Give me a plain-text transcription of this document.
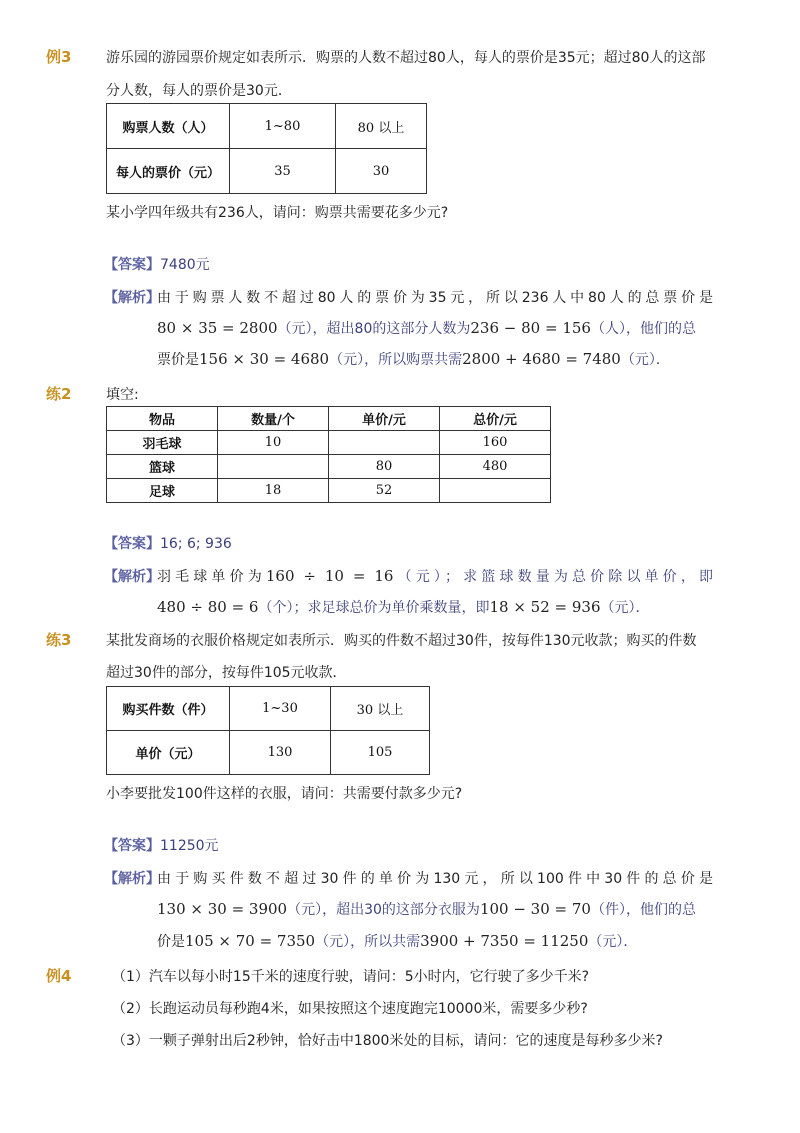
例3 游乐园的游园票价规定如表所示．购票的人数不超过80人，每人的票价是35元；超过80人的这部
分人数，每人的票价是30元．
购票人数（人）	1~80	80 以上
每人的票价（元）	35	30
某小学四年级共有236人，请问：购票共需要花多少元?
【答案】7480元
【解析】
由于购票人数不超过80人的票价为35元，所以236人中80人的总票价是
80 × 35 = 2800（元），超出80的这部分人数为236 − 80 = 156（人），他们的总
票价是156 × 30 = 4680（元），所以购票共需2800 + 4680 = 7480（元）．
练2 填空:
物品	数量/个	单价/元	总价/元
羽毛球	10		160
篮球		80	480
足球	18	52	
【答案】16; 6; 936
【解析】
羽毛球单价为160 ÷ 10 = 16（元）；求篮球数量为总价除以单价，即
480 ÷ 80 = 6（个）；求足球总价为单价乘数量，即18 × 52 = 936（元）．
练3 某批发商场的衣服价格规定如表所示．购买的件数不超过30件，按每件130元收款；购买的件数
超过30件的部分，按每件105元收款．
购买件数（件）	1~30	30 以上
单价（元）	130	105
小李要批发100件这样的衣服，请问：共需要付款多少元?
【答案】11250元
【解析】
由于购买件数不超过30件的单价为130元，所以100件中30件的总价是
130 × 30 = 3900（元），超出30的这部分衣服为100 − 30 = 70（件），他们的总
价是105 × 70 = 7350（元），所以共需3900 + 7350 = 11250（元）．
例4	（1）汽车以每小时15千米的速度行驶，请问：5小时内，它行驶了多少千米?
（2）长跑运动员每秒跑4米，如果按照这个速度跑完10000米，需要多少秒?
（3）一颗子弹射出后2秒钟，恰好击中1800米处的目标，请问：它的速度是每秒多少米?
